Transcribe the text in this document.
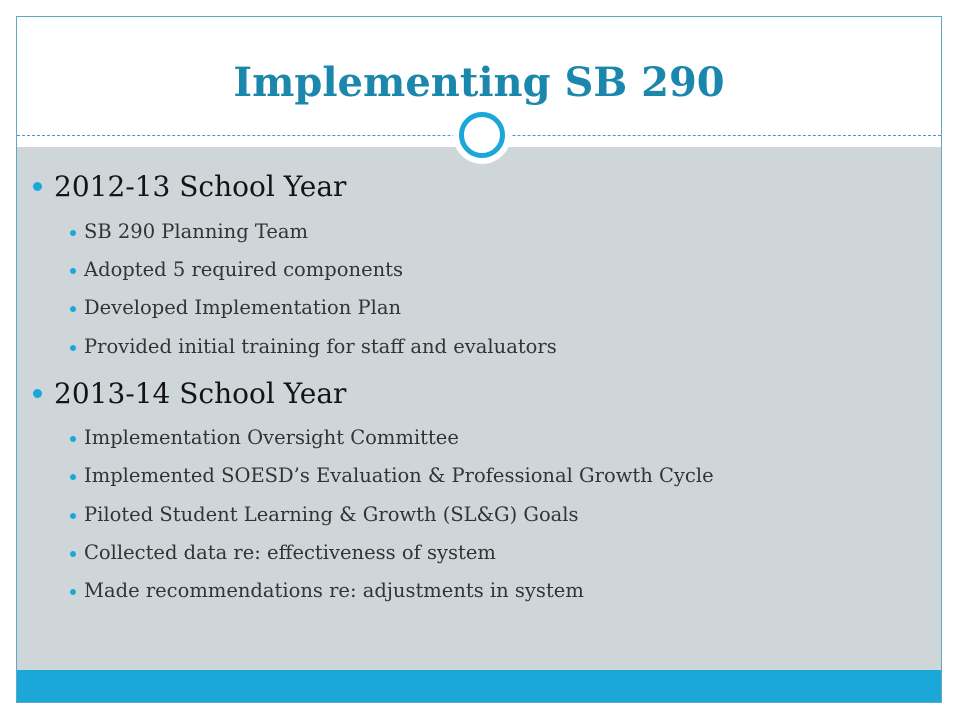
Implementing SB 290
2012-13 School Year
SB 290 Planning Team
Adopted 5 required components
Developed Implementation Plan
Provided initial training for staff and evaluators
2013-14 School Year
Implementation Oversight Committee
Implemented SOESD’s Evaluation & Professional Growth Cycle
Piloted Student Learning & Growth (SL&G) Goals
Collected data re: effectiveness of system
Made recommendations re: adjustments in system
